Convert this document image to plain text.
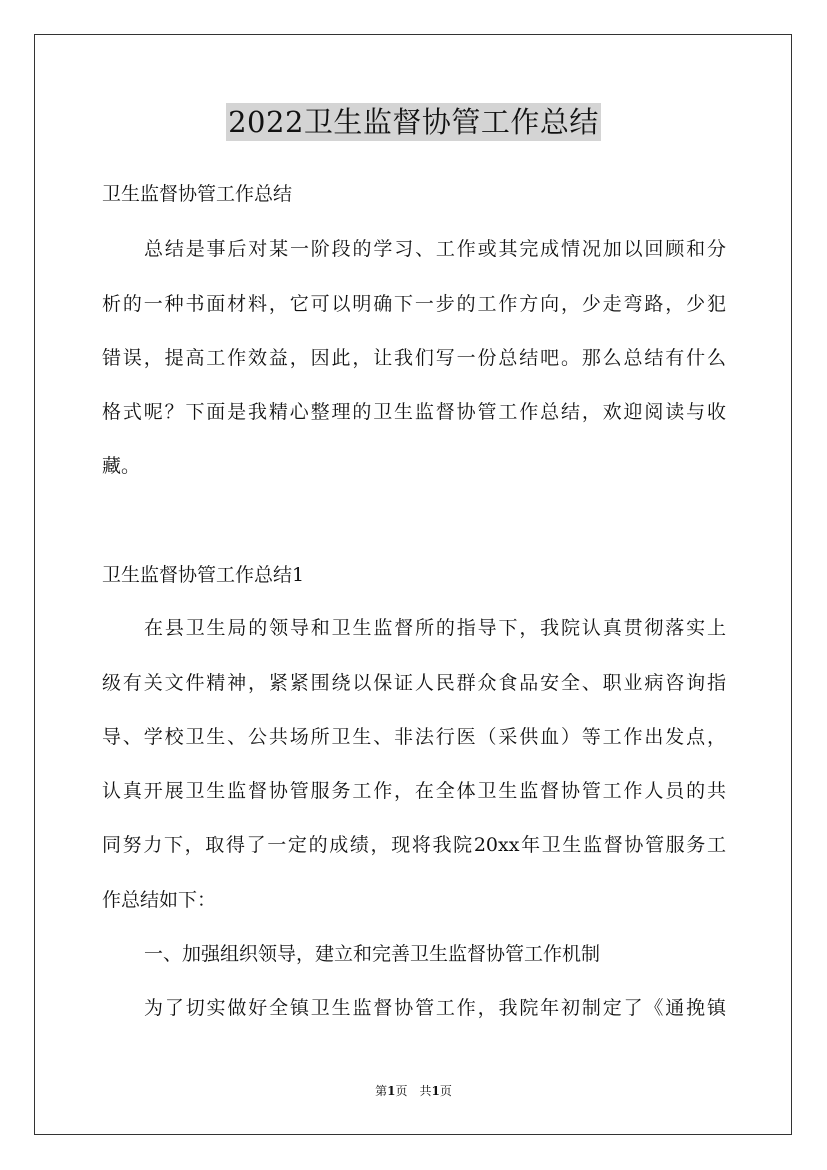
2022卫生监督协管工作总结
卫生监督协管工作总结
总结是事后对某一阶段的学习、工作或其完成情况加以回顾和分
析的一种书面材料，它可以明确下一步的工作方向，少走弯路，少犯
错误，提高工作效益，因此，让我们写一份总结吧。那么总结有什么
格式呢？下面是我精心整理的卫生监督协管工作总结，欢迎阅读与收
藏。
卫生监督协管工作总结1
在县卫生局的领导和卫生监督所的指导下，我院认真贯彻落实上
级有关文件精神，紧紧围绕以保证人民群众食品安全、职业病咨询指
导、学校卫生、公共场所卫生、非法行医（采供血）等工作出发点，
认真开展卫生监督协管服务工作，在全体卫生监督协管工作人员的共
同努力下，取得了一定的成绩，现将我院20xx年卫生监督协管服务工
作总结如下：
一、加强组织领导，建立和完善卫生监督协管工作机制
为了切实做好全镇卫生监督协管工作，我院年初制定了《通挽镇
第1页　共1页
